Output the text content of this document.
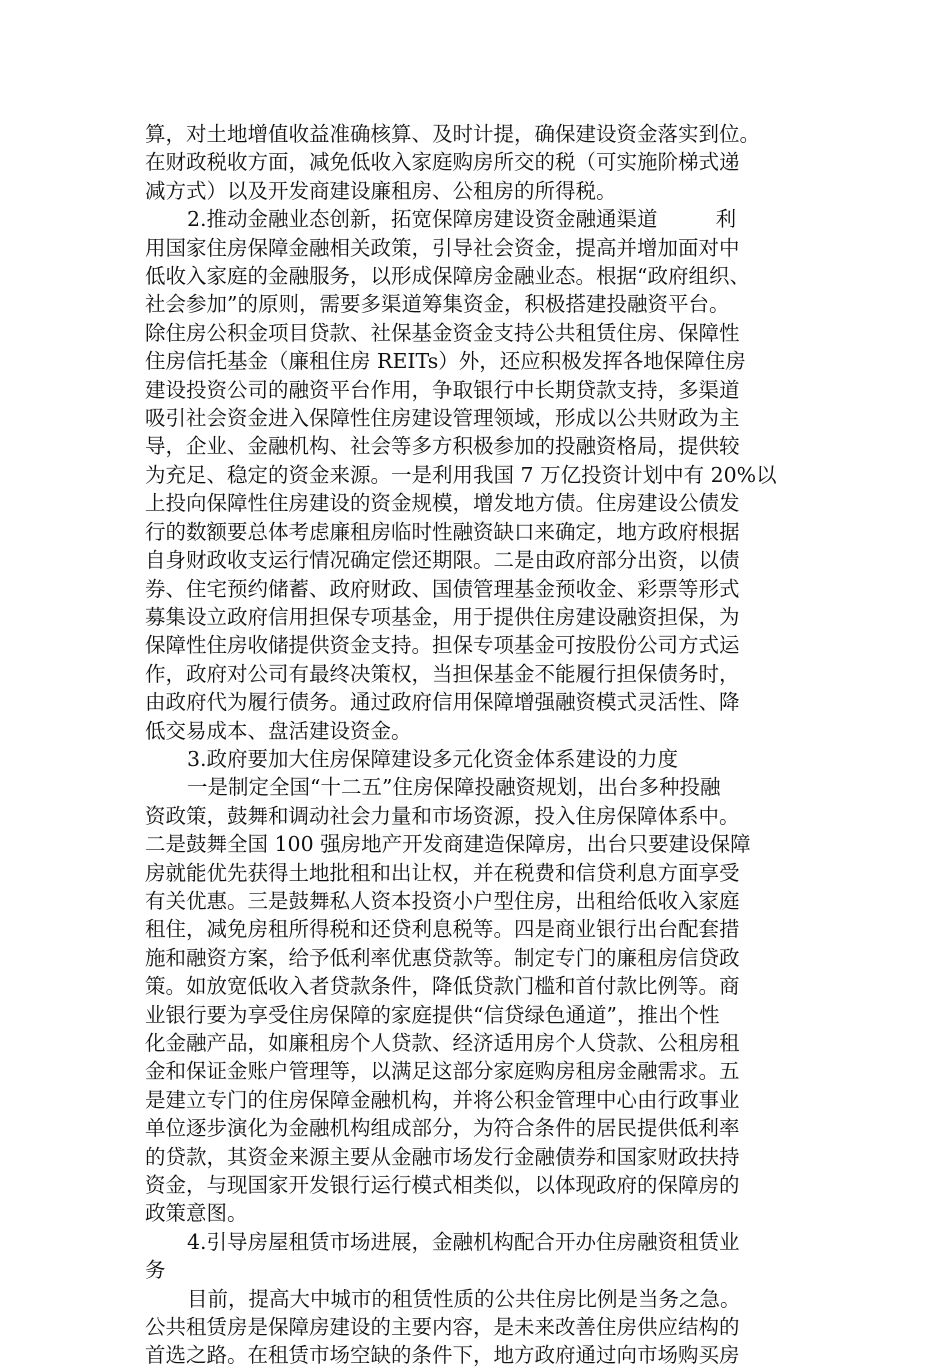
算，对土地增值收益准确核算、及时计提，确保建设资金落实到位。
在财政税收方面，减免低收入家庭购房所交的税（可实施阶梯式递
减方式）以及开发商建设廉租房、公租房的所得税。
2.推动金融业态创新，拓宽保障房建设资金融通渠道	利
用国家住房保障金融相关政策，引导社会资金，提高并增加面对中
低收入家庭的金融服务，以形成保障房金融业态。根据“政府组织、
社会参加”的原则，需要多渠道筹集资金，积极搭建投融资平台。
除住房公积金项目贷款、社保基金资金支持公共租赁住房、保障性
住房信托基金（廉租住房 REITs）外，还应积极发挥各地保障住房
建设投资公司的融资平台作用，争取银行中长期贷款支持，多渠道
吸引社会资金进入保障性住房建设管理领域，形成以公共财政为主
导，企业、金融机构、社会等多方积极参加的投融资格局，提供较
为充足、稳定的资金来源。一是利用我国 7 万亿投资计划中有 20%以
上投向保障性住房建设的资金规模，增发地方债。住房建设公债发
行的数额要总体考虑廉租房临时性融资缺口来确定，地方政府根据
自身财政收支运行情况确定偿还期限。二是由政府部分出资，以债
券、住宅预约储蓄、政府财政、国债管理基金预收金、彩票等形式
募集设立政府信用担保专项基金，用于提供住房建设融资担保，为
保障性住房收储提供资金支持。担保专项基金可按股份公司方式运
作，政府对公司有最终决策权，当担保基金不能履行担保债务时，
由政府代为履行债务。通过政府信用保障增强融资模式灵活性、降
低交易成本、盘活建设资金。
3.政府要加大住房保障建设多元化资金体系建设的力度
一是制定全国“十二五”住房保障投融资规划，出台多种投融
资政策，鼓舞和调动社会力量和市场资源，投入住房保障体系中。
二是鼓舞全国 100 强房地产开发商建造保障房，出台只要建设保障
房就能优先获得土地批租和出让权，并在税费和信贷利息方面享受
有关优惠。三是鼓舞私人资本投资小户型住房，出租给低收入家庭
租住，减免房租所得税和还贷利息税等。四是商业银行出台配套措
施和融资方案，给予低利率优惠贷款等。制定专门的廉租房信贷政
策。如放宽低收入者贷款条件，降低贷款门槛和首付款比例等。商
业银行要为享受住房保障的家庭提供“信贷绿色通道”，推出个性
化金融产品，如廉租房个人贷款、经济适用房个人贷款、公租房租
金和保证金账户管理等，以满足这部分家庭购房租房金融需求。五
是建立专门的住房保障金融机构，并将公积金管理中心由行政事业
单位逐步演化为金融机构组成部分，为符合条件的居民提供低利率
的贷款，其资金来源主要从金融市场发行金融债券和国家财政扶持
资金，与现国家开发银行运行模式相类似，以体现政府的保障房的
政策意图。
4.引导房屋租赁市场进展，金融机构配合开办住房融资租赁业
务
目前，提高大中城市的租赁性质的公共住房比例是当务之急。
公共租赁房是保障房建设的主要内容，是未来改善住房供应结构的
首选之路。在租赁市场空缺的条件下，地方政府通过向市场购买房
